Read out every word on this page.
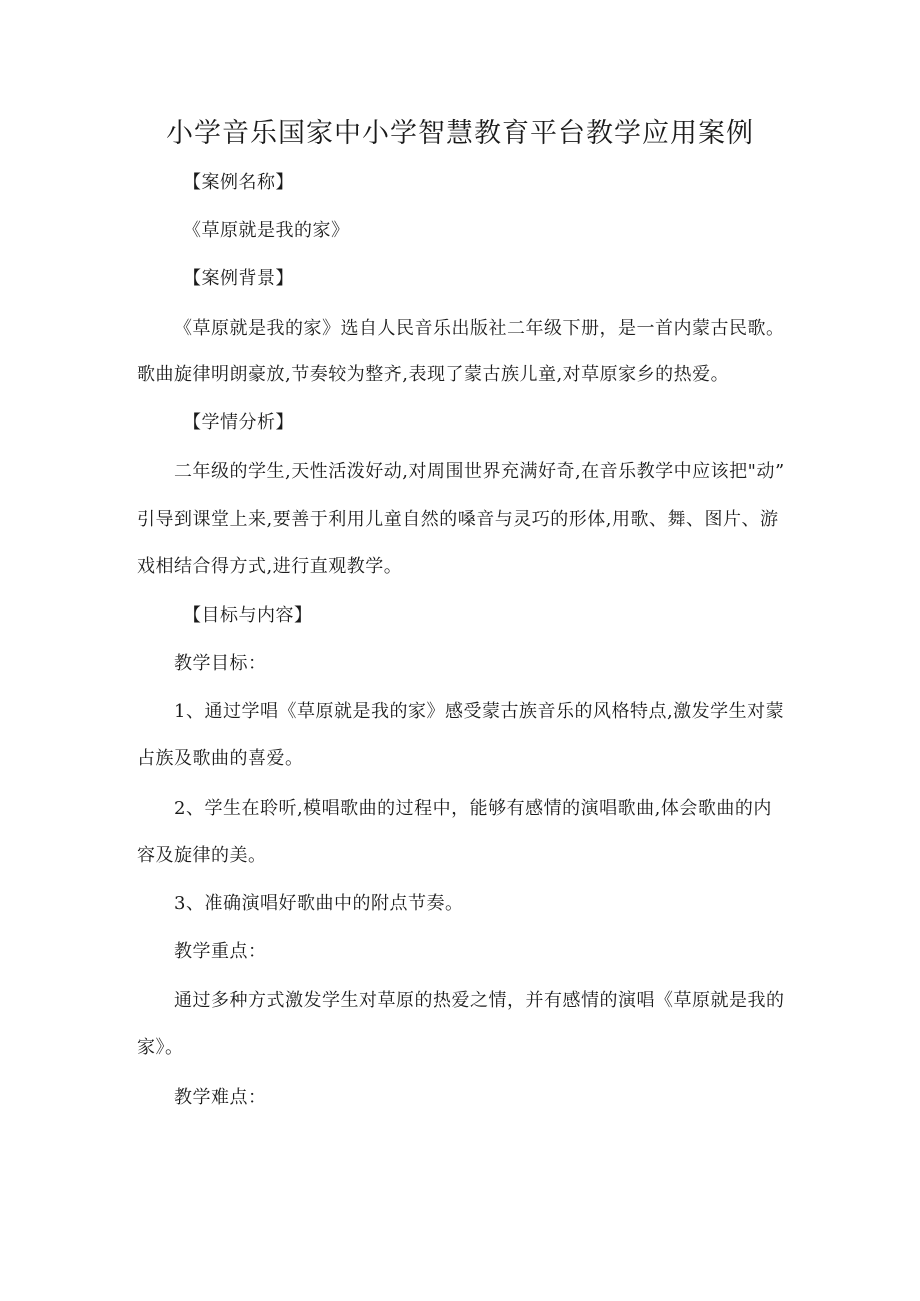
小学音乐国家中小学智慧教育平台教学应用案例
【案例名称】
《草原就是我的家》
【案例背景】
《草原就是我的家》选自人民音乐出版社二年级下册，是一首内蒙古民歌。
歌曲旋律明朗豪放,节奏较为整齐,表现了蒙古族儿童,对草原家乡的热爱。
【学情分析】
二年级的学生,天性活泼好动,对周围世界充满好奇,在音乐教学中应该把"动”
引导到课堂上来,要善于利用儿童自然的嗓音与灵巧的形体,用歌、舞、图片、游
戏相结合得方式,进行直观教学。
【目标与内容】
教学目标：
1、通过学唱《草原就是我的家》感受蒙古族音乐的风格特点,激发学生对蒙
占族及歌曲的喜爱。
2、学生在聆听,模唱歌曲的过程中，能够有感情的演唱歌曲,体会歌曲的内
容及旋律的美。
3、准确演唱好歌曲中的附点节奏。
教学重点：
通过多种方式激发学生对草原的热爱之情，并有感情的演唱《草原就是我的
家》。
教学难点：
